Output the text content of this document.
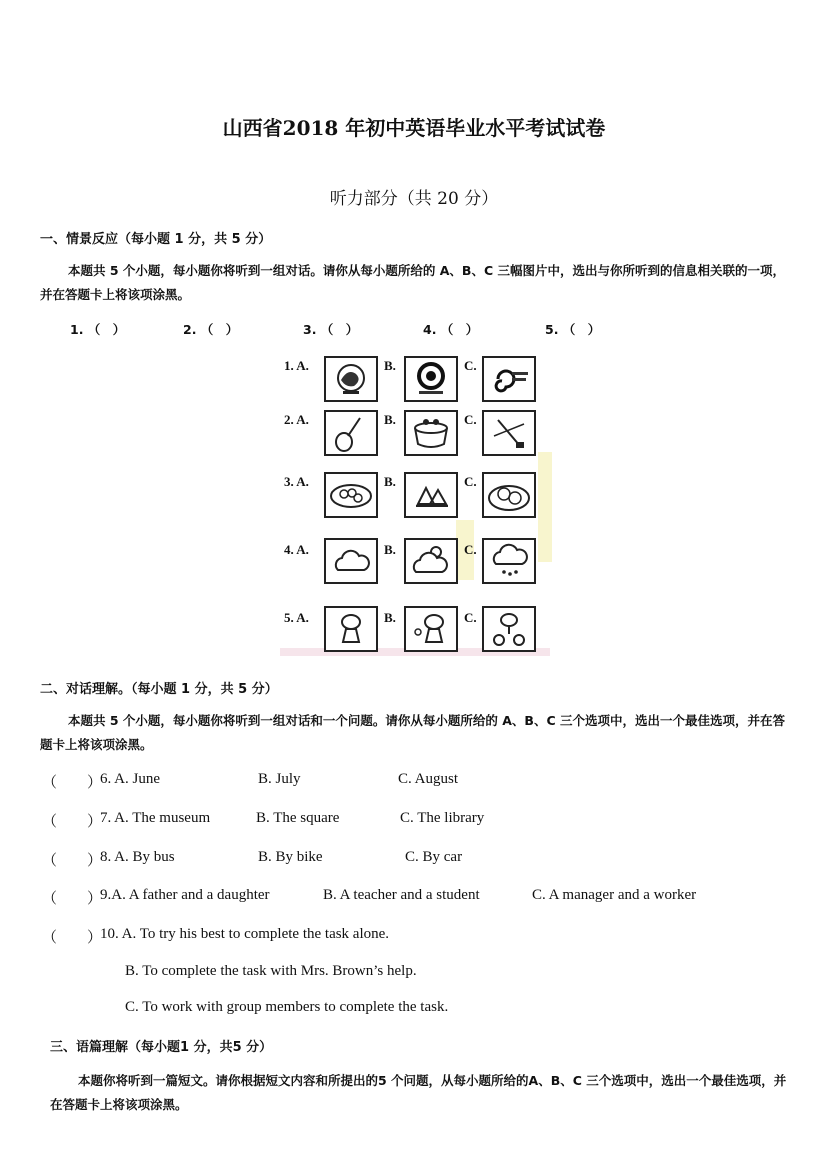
山西省2018 年初中英语毕业水平考试试卷
听力部分（共 20 分）
一、情景反应（每小题 1 分，共 5 分）
本题共 5 个小题，每小题你将听到一组对话。请你从每小题所给的 A、B、C 三幅图片中，选出与你所听到的信息相关联的一项，并在答题卡上将该项涂黑。
1. （　）	2. （　）	3. （　）	4. （　）	5. （　）
1. A.	B.	C.
2. A.	B.	C.
3. A.	B.	C.
4. A.	B.	C.
5. A.	B.	C.
二、对话理解。（每小题 1 分，共 5 分）
本题共 5 个小题，每小题你将听到一组对话和一个问题。请你从每小题所给的 A、B、C 三个选项中，选出一个最佳选项，并在答题卡上将该项涂黑。
（　　）
6. A. June	B. July	C. August
（　　）
7. A. The museum	B. The square	C. The library
（　　）
8. A. By bus	B. By bike	C. By car
（　　）
9.A. A father and a daughter	B. A teacher and a student	C. A manager and a worker
（　　）
10. A. To try his best to complete the task alone.
B. To complete the task with Mrs. Brown’s help.
C. To work with group members to complete the task.
三、语篇理解（每小题1 分，共5 分）
本题你将听到一篇短文。请你根据短文内容和所提出的5 个问题，从每小题所给的A、B、C 三个选项中，选出一个最佳选项，并在答题卡上将该项涂黑。
